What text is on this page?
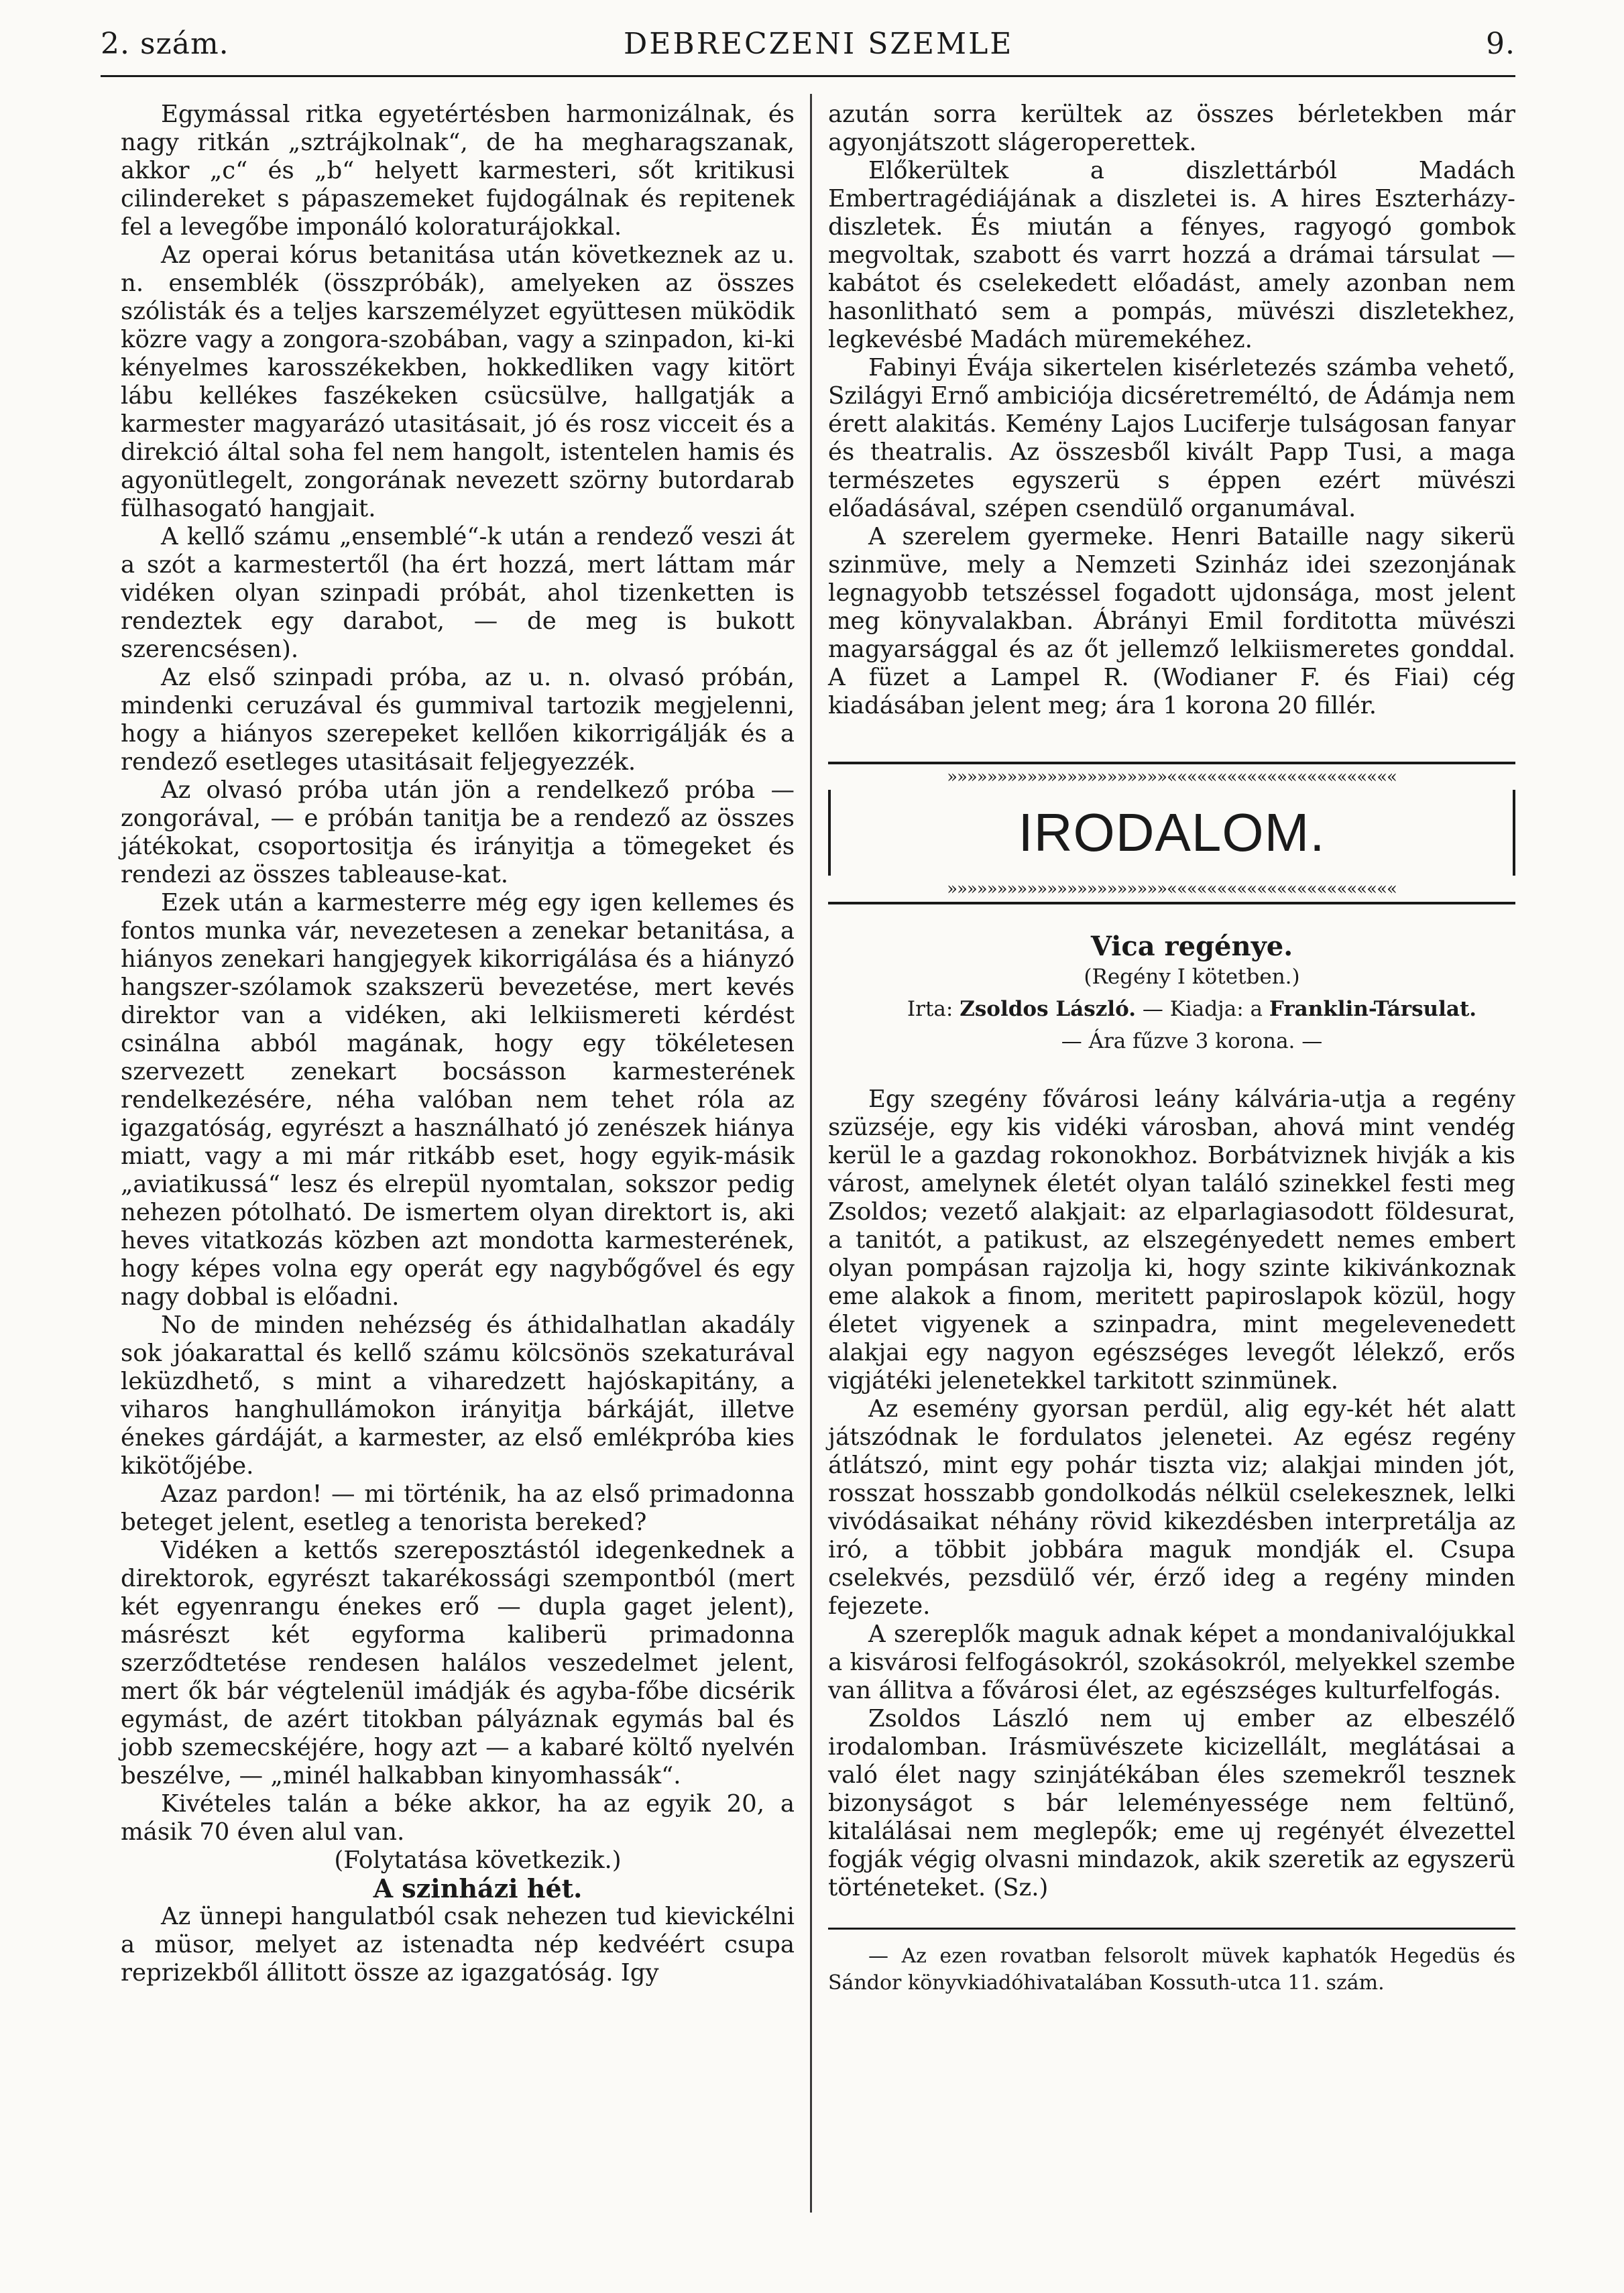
2. szám.	DEBRECZENI SZEMLE	9.

Egymással ritka egyetértésben harmonizálnak, és nagy ritkán „sztrájkolnak“, de ha megharagszanak, akkor „c“ és „b“ helyett karmesteri, sőt kritikusi cilindereket s pápaszemeket fujdogálnak és repitenek fel a levegőbe imponáló koloraturájokkal.

Az operai kórus betanitása után következnek az u. n. ensemblék (összpróbák), amelyeken az összes szólisták és a teljes karszemélyzet együttesen müködik közre vagy a zongora-szobában, vagy a szinpadon, ki-ki kényelmes karosszékekben, hokkedliken vagy kitört lábu kellékes faszékeken csücsülve, hallgatják a karmester magyarázó utasitásait, jó és rosz vicceit és a direkció által soha fel nem hangolt, istentelen hamis és agyonütlegelt, zongorának nevezett szörny butordarab fülhasogató hangjait.

A kellő számu „ensemblé“-k után a rendező veszi át a szót a karmestertől (ha ért hozzá, mert láttam már vidéken olyan szinpadi próbát, ahol tizenketten is rendeztek egy darabot, — de meg is bukott szerencsésen).

Az első szinpadi próba, az u. n. olvasó próbán, mindenki ceruzával és gummival tartozik megjelenni, hogy a hiányos szerepeket kellően kikorrigálják és a rendező esetleges utasitásait feljegyezzék.

Az olvasó próba után jön a rendelkező próba — zongorával, — e próbán tanitja be a rendező az összes játékokat, csoportositja és irányitja a tömegeket és rendezi az összes tableause-kat.

Ezek után a karmesterre még egy igen kellemes és fontos munka vár, nevezetesen a zenekar betanitása, a hiányos zenekari hangjegyek kikorrigálása és a hiányzó hangszer-szólamok szakszerü bevezetése, mert kevés direktor van a vidéken, aki lelkiismereti kérdést csinálna abból magának, hogy egy tökéletesen szervezett zenekart bocsásson karmesterének rendelkezésére, néha valóban nem tehet róla az igazgatóság, egyrészt a használható jó zenészek hiánya miatt, vagy a mi már ritkább eset, hogy egyik-másik „aviatikussá“ lesz és elrepül nyomtalan, sokszor pedig nehezen pótolható. De ismertem olyan direktort is, aki heves vitatkozás közben azt mondotta karmesterének, hogy képes volna egy operát egy nagybőgővel és egy nagy dobbal is előadni.

No de minden nehézség és áthidalhatlan akadály sok jóakarattal és kellő számu kölcsönös szekaturával leküzdhető, s mint a viharedzett hajóskapitány, a viharos hanghullámokon irányitja bárkáját, illetve énekes gárdáját, a karmester, az első emlékpróba kies kikötőjébe.

Azaz pardon! — mi történik, ha az első primadonna beteget jelent, esetleg a tenorista bereked?

Vidéken a kettős szereposztástól idegenkednek a direktorok, egyrészt takarékossági szempontból (mert két egyenrangu énekes erő — dupla gaget jelent), másrészt két egyforma kaliberü primadonna szerződtetése rendesen halálos veszedelmet jelent, mert ők bár végtelenül imádják és agyba-főbe dicsérik egymást, de azért titokban pályáznak egymás bal és jobb szemecskéjére, hogy azt — a kabaré költő nyelvén beszélve, — „minél halkabban kinyomhassák“.

Kivételes talán a béke akkor, ha az egyik 20, a másik 70 éven alul van.

(Folytatása következik.)

A szinházi hét.

Az ünnepi hangulatból csak nehezen tud kievickélni a müsor, melyet az istenadta nép kedvéért csupa reprizekből állitott össze az igazgatóság. Igy

azután sorra kerültek az összes bérletekben már agyonjátszott slágeroperettek.

Előkerültek a diszlettárból Madách Embertragédiájának a diszletei is. A hires Eszterházy-diszletek. És miután a fényes, ragyogó gombok megvoltak, szabott és varrt hozzá a drámai társulat — kabátot és cselekedett előadást, amely azonban nem hasonlitható sem a pompás, müvészi diszletekhez, legkevésbé Madách müremekéhez.

Fabinyi Évája sikertelen kisérletezés számba vehető, Szilágyi Ernő ambiciója dicséretreméltó, de Ádámja nem érett alakitás. Kemény Lajos Luciferje tulságosan fanyar és theatralis. Az összesből kivált Papp Tusi, a maga természetes egyszerü s éppen ezért müvészi előadásával, szépen csendülő organumával.

A szerelem gyermeke. Henri Bataille nagy sikerü szinmüve, mely a Nemzeti Szinház idei szezonjának legnagyobb tetszéssel fogadott ujdonsága, most jelent meg könyvalakban. Ábrányi Emil forditotta müvészi magyarsággal és az őt jellemző lelkiismeretes gonddal. A füzet a Lampel R. (Wodianer F. és Fiai) cég kiadásában jelent meg; ára 1 korona 20 fillér.

»»»»»»»»»»»»»»»»»»»»»»«««««««««««««««««««««««
IRODALOM.
»»»»»»»»»»»»»»»»»»»»»»«««««««««««««««««««««««

Vica regénye.

(Regény I kötetben.)

Irta: Zsoldos László. — Kiadja: a Franklin-Társulat.

— Ára fűzve 3 korona. —

Egy szegény fővárosi leány kálvária-utja a regény szüzséje, egy kis vidéki városban, ahová mint vendég kerül le a gazdag rokonokhoz. Borbátviznek hivják a kis várost, amelynek életét olyan találó szinekkel festi meg Zsoldos; vezető alakjait: az elparlagiasodott földesurat, a tanitót, a patikust, az elszegényedett nemes embert olyan pompásan rajzolja ki, hogy szinte kikivánkoznak eme alakok a finom, meritett papiroslapok közül, hogy életet vigyenek a szinpadra, mint megelevenedett alakjai egy nagyon egészséges levegőt lélekző, erős vigjátéki jelenetekkel tarkitott szinmünek.

Az esemény gyorsan perdül, alig egy-két hét alatt játszódnak le fordulatos jelenetei. Az egész regény átlátszó, mint egy pohár tiszta viz; alakjai minden jót, rosszat hosszabb gondolkodás nélkül cselekesznek, lelki vivódásaikat néhány rövid kikezdésben interpretálja az iró, a többit jobbára maguk mondják el. Csupa cselekvés, pezsdülő vér, érző ideg a regény minden fejezete.

A szereplők maguk adnak képet a mondanivalójukkal a kisvárosi felfogásokról, szokásokról, melyekkel szembe van állitva a fővárosi élet, az egészséges kulturfelfogás.

Zsoldos László nem uj ember az elbeszélő irodalomban. Irásmüvészete kicizellált, meglátásai a való élet nagy szinjátékában éles szemekről tesznek bizonyságot s bár leleményessége nem feltünő, kitalálásai nem meglepők; eme uj regényét élvezettel fogják végig olvasni mindazok, akik szeretik az egyszerü történeteket. (Sz.)

— Az ezen rovatban felsorolt müvek kaphatók Hegedüs és Sándor könyvkiadóhivatalában Kossuth-utca 11. szám.
